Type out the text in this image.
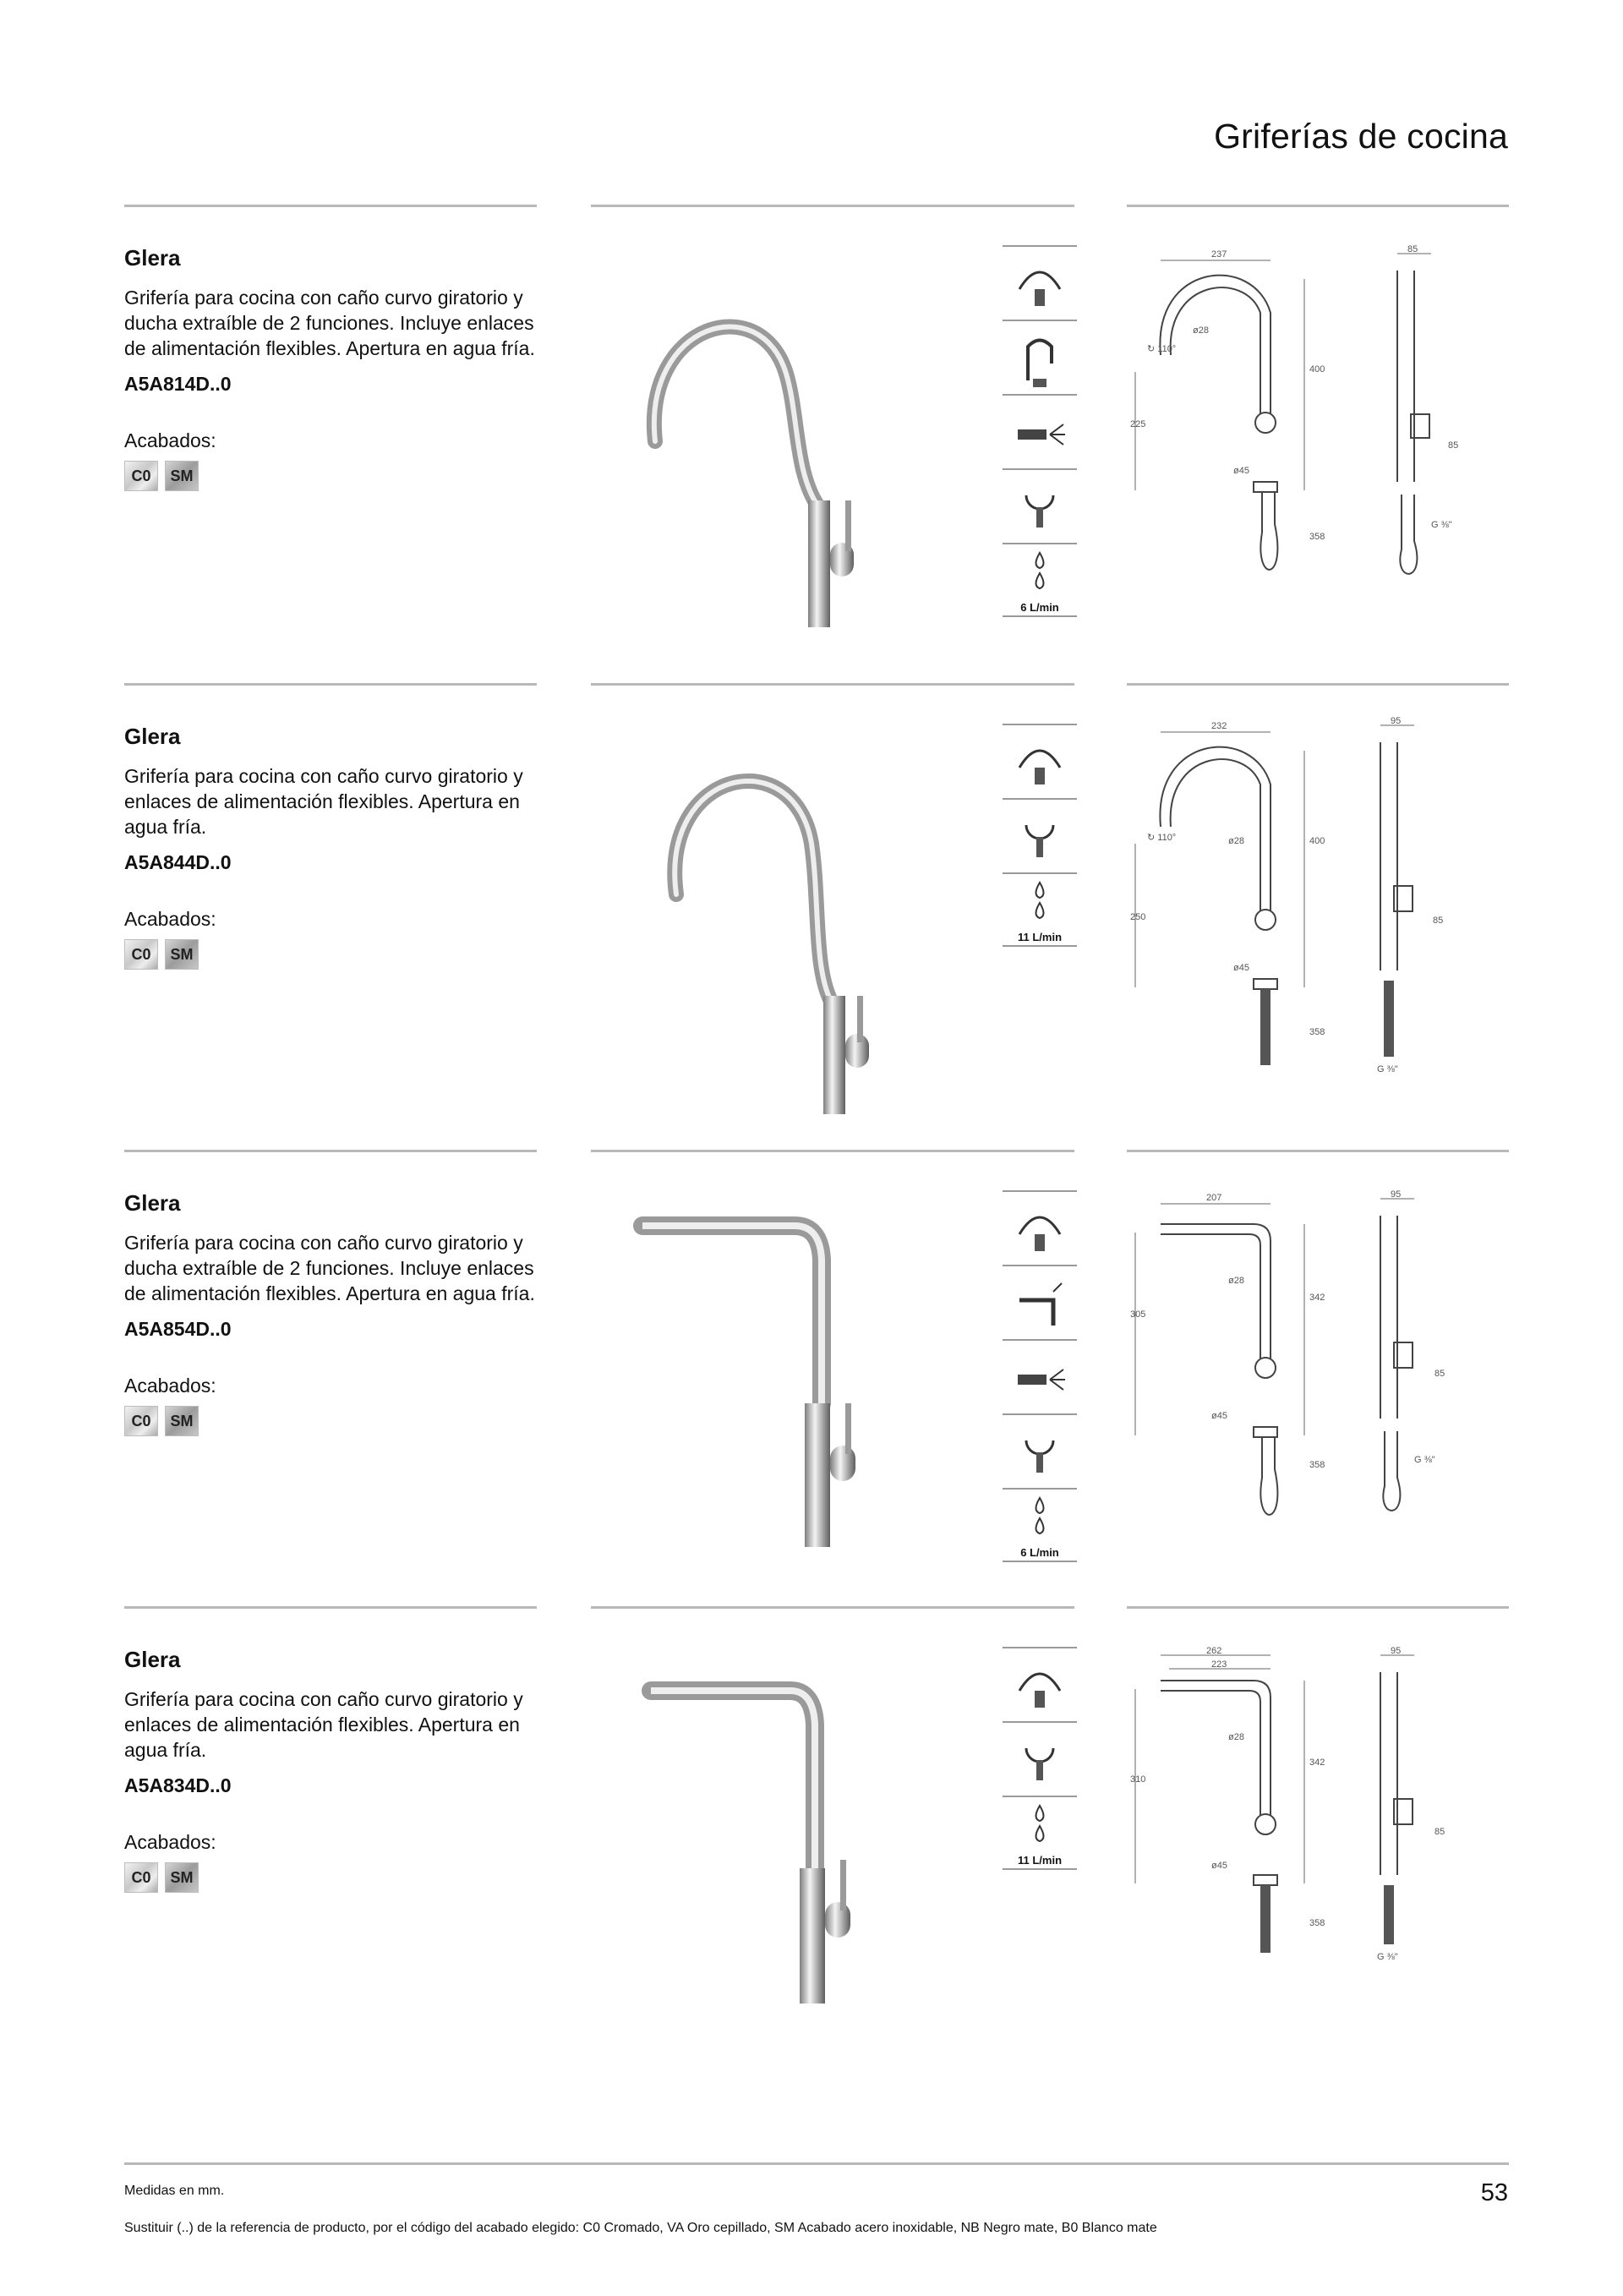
Griferías de cocina
Glera
Grifería para cocina con caño curvo giratorio y ducha extraíble de 2 funciones. Incluye enlaces de alimentación flexibles. Apertura en agua fría.
A5A814D..0
Acabados:
C0	SM
6 L/min
237
400
225
ø28
ø45
358
↻ 110°
85
85
G ⅜"
Glera
Grifería para cocina con caño curvo giratorio y enlaces de alimentación flexibles. Apertura en agua fría.
A5A844D..0
Acabados:
C0	SM
11 L/min
232
400
250
ø28
ø45
358
↻ 110°
95
85
G ⅜"
Glera
Grifería para cocina con caño curvo giratorio y ducha extraíble de 2 funciones. Incluye enlaces de alimentación flexibles. Apertura en agua fría.
A5A854D..0
Acabados:
C0	SM
6 L/min
207
342
305
ø28
ø45
358
95
85
G ⅜"
Glera
Grifería para cocina con caño curvo giratorio y enlaces de alimentación flexibles. Apertura en agua fría.
A5A834D..0
Acabados:
C0	SM
11 L/min
262
223
342
310
ø28
ø45
358
95
85
G ⅜"
Medidas en mm.
Sustituir (..) de la referencia de producto, por el código del acabado elegido: C0 Cromado, VA Oro cepillado, SM Acabado acero inoxidable, NB Negro mate, B0 Blanco mate
53
